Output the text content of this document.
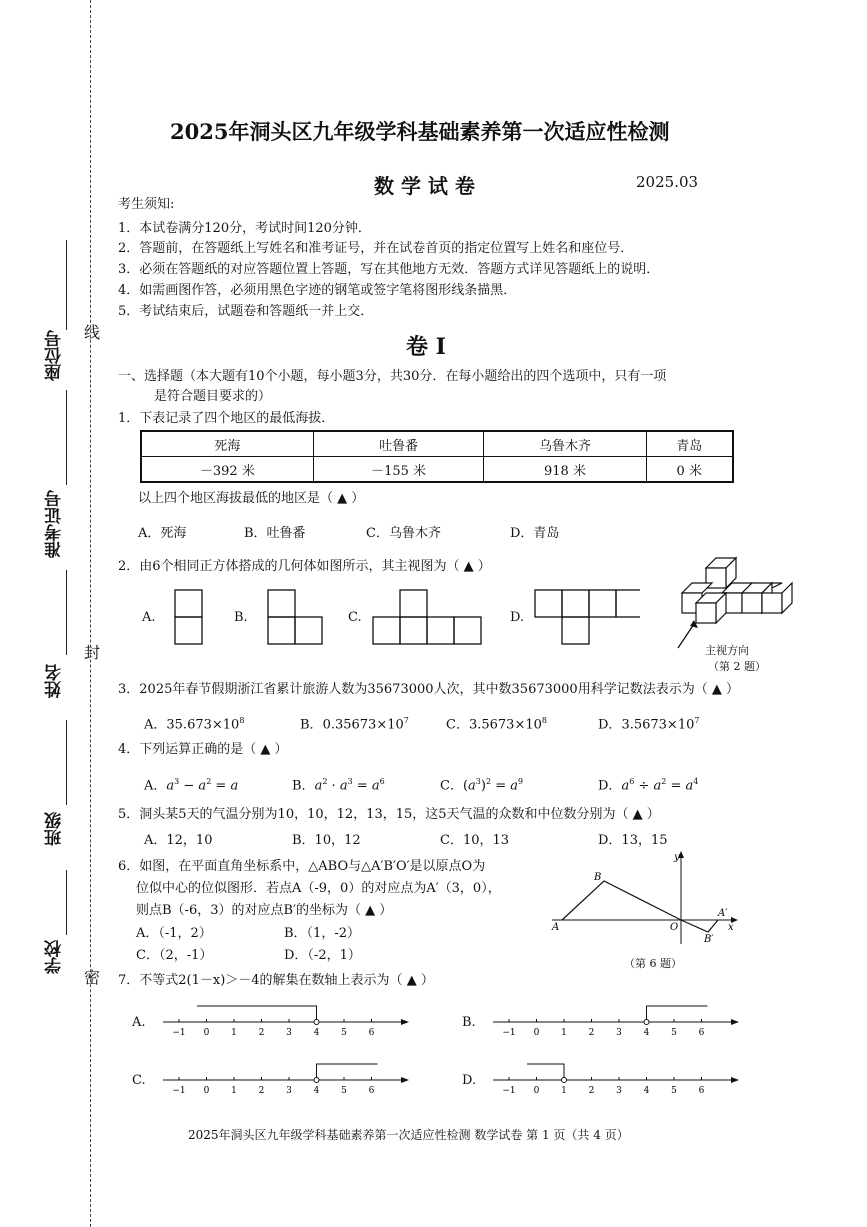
座位号
准考证号
姓名
班级
学校
线
封
密
2025年洞头区九年级学科基础素养第一次适应性检测
数 学 试 卷	2025.03
考生须知:
1．本试卷满分120分，考试时间120分钟．
2．答题前，在答题纸上写姓名和准考证号，并在试卷首页的指定位置写上姓名和座位号．
3．必须在答题纸的对应答题位置上答题，写在其他地方无效．答题方式详见答题纸上的说明．
4．如需画图作答，必须用黑色字迹的钢笔或签字笔将图形线条描黑．
5．考试结束后，试题卷和答题纸一并上交．
卷 Ⅰ
一、选择题（本大题有10个小题，每小题3分，共30分．在每小题给出的四个选项中，只有一项
是符合题目要求的）
1．下表记录了四个地区的最低海拔．
死海	吐鲁番	乌鲁木齐	青岛
－392 米	－155 米	918 米	0 米
以上四个地区海拔最低的地区是（ ▲ ）
A．死海	B．吐鲁番	C．乌鲁木齐	D．青岛
2．由6个相同正方体搭成的几何体如图所示，其主视图为（ ▲ ）
A.	B.	C.	D.
主视方向
（第 2 题）
3．2025年春节假期浙江省累计旅游人数为35673000人次，其中数35673000用科学记数法表示为（ ▲ ）
A．$35.673\times 10^8$	B．$0.35673\times 10^7$	C．$3.5673\times 10^8$	D．$3.5673\times 10^7$
4．下列运算正确的是（ ▲ ）
A．$a^3 - a^2 = a$	B．$a^2 \cdot a^3 = a^6$	C．$(a^3)^2 = a^9$	D．$a^6 \div a^2 = a^4$
5．洞头某5天的气温分别为10，10，12，13，15，这5天气温的众数和中位数分别为（ ▲ ）
A．12，10	B．10，12	C．10，13	D．13，15
6．如图，在平面直角坐标系中，△ABO与△A′B′O′是以原点O为
位似中心的位似图形．若点A（-9，0）的对应点为A′（3，0），
则点B（-6，3）的对应点B′的坐标为（ ▲ ）
A．（-1，2）	B．（1，-2）
C．（2，-1）	D．（-2，1）
A
B
O
A′
B′
x
y
（第 6 题）
7．不等式2(1－x)＞－4的解集在数轴上表示为（ ▲ ）
A.	B.
C.	D.
−1 0 1 2 3 4 5 6	−1 0 1 2 3 4 5 6
−1 0 1 2 3 4 5 6	−1 0 1 2 3 4 5 6
2025年洞头区九年级学科基础素养第一次适应性检测 数学试卷 第 1 页（共 4 页）
